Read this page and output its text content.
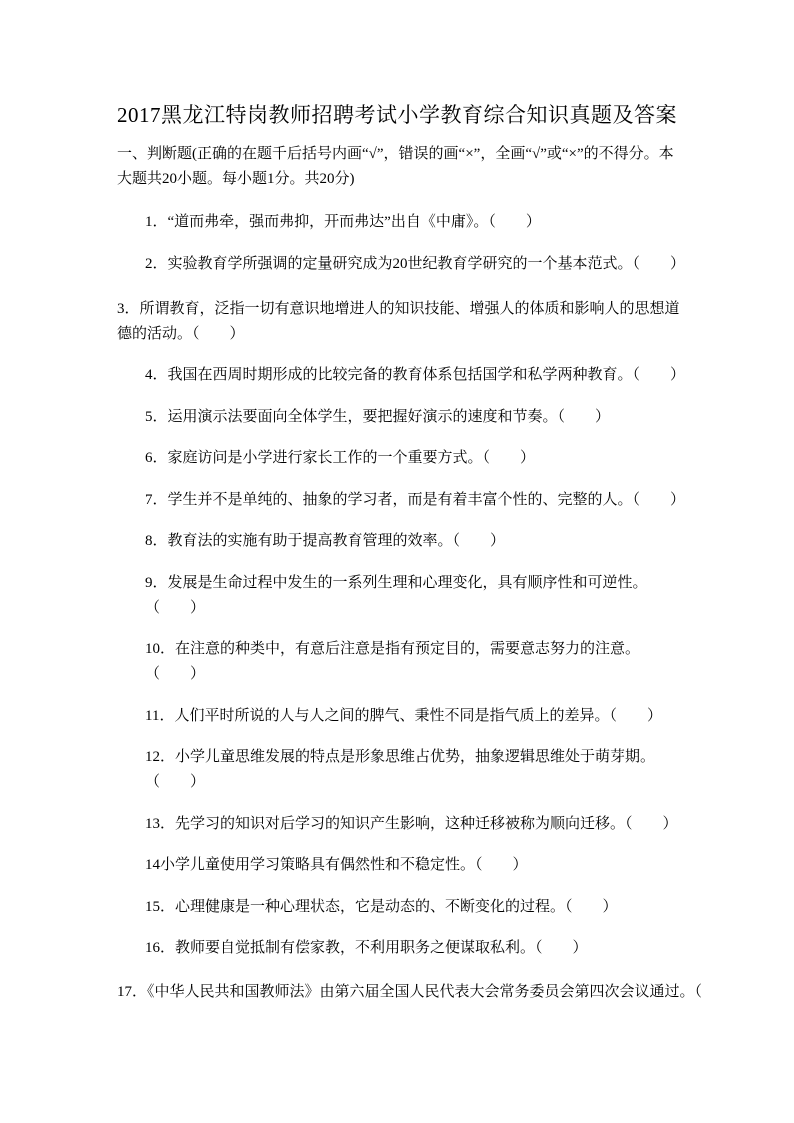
2017黑龙江特岗教师招聘考试小学教育综合知识真题及答案

一、判断题(正确的在题千后括号内画“√”，错误的画“×”，全画“√”或“×”的不得分。本大题共20小题。每小题1分。共20分)

1．“道而弗牵，强而弗抑，开而弗达”出自《中庸》。（　　）

2．实验教育学所强调的定量研究成为20世纪教育学研究的一个基本范式。（　　）

3．所谓教育，泛指一切有意识地增进人的知识技能、增强人的体质和影响人的思想道德的活动。（　　）

4．我国在西周时期形成的比较完备的教育体系包括国学和私学两种教育。（　　）

5．运用演示法要面向全体学生，要把握好演示的速度和节奏。（　　）

6．家庭访问是小学进行家长工作的一个重要方式。（　　）

7．学生并不是单纯的、抽象的学习者，而是有着丰富个性的、完整的人。（　　）

8．教育法的实施有助于提高教育管理的效率。（　　）

9．发展是生命过程中发生的一系列生理和心理变化，具有顺序性和可逆性。（　　）

10．在注意的种类中，有意后注意是指有预定目的，需要意志努力的注意。（　　）

11．人们平时所说的人与人之间的脾气、秉性不同是指气质上的差异。（　　）

12．小学儿童思维发展的特点是形象思维占优势，抽象逻辑思维处于萌芽期。（　　）

13．先学习的知识对后学习的知识产生影响，这种迁移被称为顺向迁移。（　　）

14小学儿童使用学习策略具有偶然性和不稳定性。（　　）

15．心理健康是一种心理状态，它是动态的、不断变化的过程。（　　）

16．教师要自觉抵制有偿家教，不利用职务之便谋取私利。（　　）

17．《中华人民共和国教师法》由第六届全国人民代表大会常务委员会第四次会议通过。（
